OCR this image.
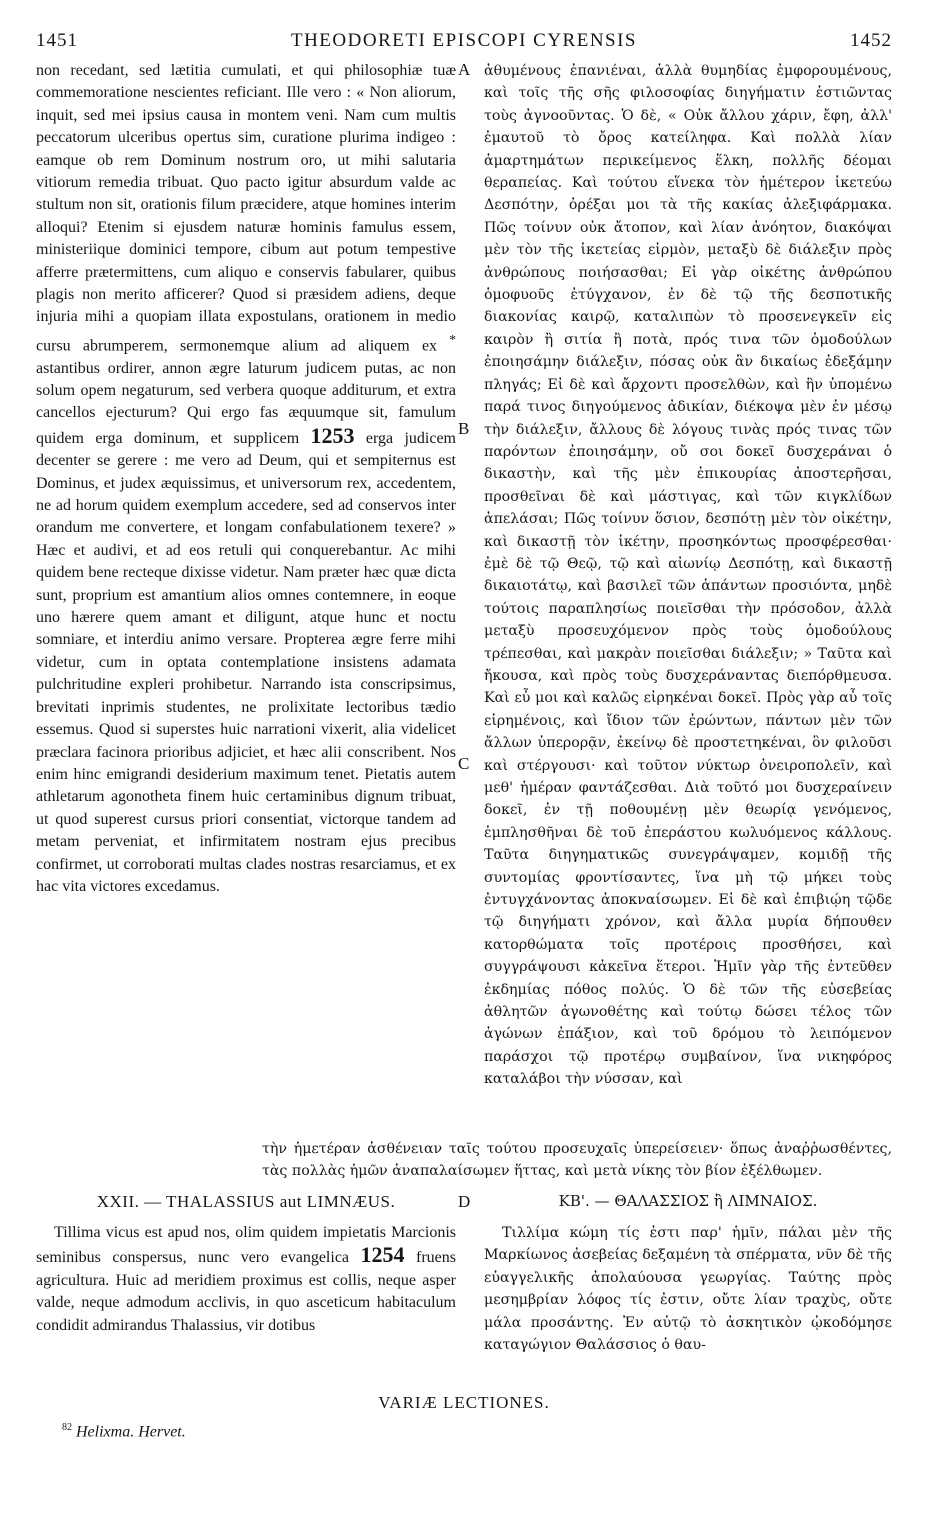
1451	THEODORETI EPISCOPI CYRENSIS	1452

non recedant, sed lætitia cumulati, et qui philosophiæ tuæ commemoratione nescientes reficiant. Ille vero : « Non aliorum, inquit, sed mei ipsius causa in montem veni. Nam cum multis peccatorum ulceribus opertus sim, curatione plurima indigeo : eamque ob rem Dominum nostrum oro, ut mihi salutaria vitiorum remedia tribuat. Quo pacto igitur absurdum valde ac stultum non sit, orationis filum præcidere, atque homines interim alloqui? Etenim si ejusdem naturæ hominis famulus essem, ministeriique dominici tempore, cibum aut potum tempestive afferre prætermittens, cum aliquo e conservis fabularer, quibus plagis non merito afficerer? Quod si præsidem adiens, deque injuria mihi a quopiam illata expostulans, orationem in medio cursu abrumperem, sermonemque alium ad aliquem ex * astantibus ordirer, annon ægre laturum judicem putas, ac non solum opem negaturum, sed verbera quoque additurum, et extra cancellos ejecturum? Qui ergo fas æquumque sit, famulum quidem erga dominum, et supplicem 1253 erga judicem decenter se gerere : me vero ad Deum, qui et sempiternus est Dominus, et judex æquissimus, et universorum rex, accedentem, ne ad horum quidem exemplum accedere, sed ad conservos inter orandum me convertere, et longam confabulationem texere? » Hæc et audivi, et ad eos retuli qui conquerebantur. Ac mihi quidem bene recteque dixisse videtur. Nam præter hæc quæ dicta sunt, proprium est amantium alios omnes contemnere, in eoque uno hærere quem amant et diligunt, atque hunc et noctu somniare, et interdiu animo versare. Propterea ægre ferre mihi videtur, cum in optata contemplatione insistens adamata pulchritudine expleri prohibetur. Narrando ista conscripsimus, brevitati inprimis studentes, ne prolixitate lectoribus tædio essemus. Quod si superstes huic narrationi vixerit, alia videlicet præclara facinora prioribus adjiciet, et hæc alii conscribent. Nos enim hinc emigrandi desiderium maximum tenet. Pietatis autem athletarum agonotheta finem huic certaminibus dignum tribuat, ut quod superest cursus priori consentiat, victorque tandem ad metam perveniat, et infirmitatem nostram ejus precibus confirmet, ut corroborati multas clades nostras resarciamus, et ex hac vita victores excedamus.

A
B
C
D

ἀθυμένους ἐπανιέναι, ἀλλὰ θυμηδίας ἐμφορουμένους, καὶ τοῖς τῆς σῆς φιλοσοφίας διηγήματιν ἑστιῶντας τοὺς ἀγνοοῦντας. Ὁ δὲ, « Οὐκ ἄλλου χάριν, ἔφη, ἀλλ' ἐμαυτοῦ τὸ ὄρος κατείληφα. Καὶ πολλὰ λίαν ἁμαρτημάτων περικείμενος ἕλκη, πολλῆς δέομαι θεραπείας. Καὶ τούτου εἵνεκα τὸν ἡμέτερον ἱκετεύω Δεσπότην, ὀρέξαι μοι τὰ τῆς κακίας ἀλεξιφάρμακα. Πῶς τοίνυν οὐκ ἄτοπον, καὶ λίαν ἀνόητον, διακόψαι μὲν τὸν τῆς ἱκετείας εἱρμὸν, μεταξὺ δὲ διάλεξιν πρὸς ἀνθρώπους ποιήσασθαι; Εἰ γὰρ οἰκέτης ἀνθρώπου ὁμοφυοῦς ἐτύγχανον, ἐν δὲ τῷ τῆς δεσποτικῆς διακονίας καιρῷ, καταλιπὼν τὸ προσενεγκεῖν εἰς καιρὸν ἢ σιτία ἢ ποτὰ, πρός τινα τῶν ὁμοδούλων ἐποιησάμην διάλεξιν, πόσας οὐκ ἂν δικαίως ἐδεξάμην πληγάς; Εἰ δὲ καὶ ἄρχοντι προσελθὼν, καὶ ἣν ὑπομένω παρά τινος διηγούμενος ἀδικίαν, διέκοψα μὲν ἐν μέσῳ τὴν διάλεξιν, ἄλλους δὲ λόγους τινὰς πρός τινας τῶν παρόντων ἐποιησάμην, οὔ σοι δοκεῖ δυσχεράναι ὁ δικαστὴν, καὶ τῆς μὲν ἐπικουρίας ἀποστερῆσαι, προσθεῖναι δὲ καὶ μάστιγας, καὶ τῶν κιγκλίδων ἀπελάσαι; Πῶς τοίνυν ὅσιον, δεσπότῃ μὲν τὸν οἰκέτην, καὶ δικαστῇ τὸν ἱκέτην, προσηκόντως προσφέρεσθαι· ἐμὲ δὲ τῷ Θεῷ, τῷ καὶ αἰωνίῳ Δεσπότῃ, καὶ δικαστῇ δικαιοτάτῳ, καὶ βασιλεῖ τῶν ἁπάντων προσιόντα, μηδὲ τούτοις παραπλησίως ποιεῖσθαι τὴν πρόσοδον, ἀλλὰ μεταξὺ προσευχόμενον πρὸς τοὺς ὁμοδούλους τρέπεσθαι, καὶ μακρὰν ποιεῖσθαι διάλεξιν; » Ταῦτα καὶ ἤκουσα, καὶ πρὸς τοὺς δυσχεράναντας διεπόρθμευσα. Καὶ εὖ μοι καὶ καλῶς εἰρηκέναι δοκεῖ. Πρὸς γὰρ αὖ τοῖς εἰρημένοις, καὶ ἴδιον τῶν ἐρώντων, πάντων μὲν τῶν ἄλλων ὑπερορᾷν, ἐκείνῳ δὲ προστετηκέναι, ὃν φιλοῦσι καὶ στέργουσι· καὶ τοῦτον νύκτωρ ὀνειροπολεῖν, καὶ μεθ' ἡμέραν φαντάζεσθαι. Διὰ τοῦτό μοι δυσχεραίνειν δοκεῖ, ἐν τῇ ποθουμένῃ μὲν θεωρίᾳ γενόμενος, ἐμπλησθῆναι δὲ τοῦ ἐπεράστου κωλυόμενος κάλλους. Ταῦτα διηγηματικῶς συνεγράψαμεν, κομιδῇ τῆς συντομίας φροντίσαντες, ἵνα μὴ τῷ μήκει τοὺς ἐντυγχάνοντας ἀποκναίσωμεν. Εἰ δὲ καὶ ἐπιβιῴη τῷδε τῷ διηγήματι χρόνον, καὶ ἄλλα μυρία δήπουθεν κατορθώματα τοῖς προτέροις προσθήσει, καὶ συγγράψουσι κἀκεῖνα ἕτεροι. Ἡμῖν γὰρ τῆς ἐντεῦθεν ἐκδημίας πόθος πολύς. Ὁ δὲ τῶν τῆς εὐσεβείας ἀθλητῶν ἀγωνοθέτης καὶ τούτῳ δώσει τέλος τῶν ἀγώνων ἐπάξιον, καὶ τοῦ δρόμου τὸ λειπόμενον παράσχοι τῷ προτέρῳ συμβαίνον, ἵνα νικηφόρος καταλάβοι τὴν νύσσαν, καὶ

τὴν ἡμετέραν ἀσθένειαν ταῖς τούτου προσευχαῖς ὑπερείσειεν· ὅπως ἀναῤῥωσθέντες, τὰς πολλὰς ἡμῶν ἀναπαλαίσωμεν ἥττας, καὶ μετὰ νίκης τὸν βίον ἐξέλθωμεν.
XXII. — THALASSIUS aut LIMNÆUS.	ΚΒ'. — ΘΑΛΑΣΣΙΟΣ ἢ ΛΙΜΝΑΙΟΣ.

Tillima vicus est apud nos, olim quidem impietatis Marcionis seminibus conspersus, nunc vero evangelica 1254 fruens agricultura. Huic ad meridiem proximus est collis, neque asper valde, neque admodum acclivis, in quo asceticum habitaculum condidit admirandus Thalassius, vir dotibus

Τιλλίμα κώμη τίς ἐστι παρ' ἡμῖν, πάλαι μὲν τῆς Μαρκίωνος ἀσεβείας δεξαμένη τὰ σπέρματα, νῦν δὲ τῆς εὐαγγελικῆς ἀπολαύουσα γεωργίας. Ταύτης πρὸς μεσημβρίαν λόφος τίς ἐστιν, οὔτε λίαν τραχὺς, οὔτε μάλα προσάντης. Ἐν αὐτῷ τὸ ἀσκητικὸν ᾠκοδόμησε καταγώγιον Θαλάσσιος ὁ θαυ-

VARIÆ LECTIONES.
$^{82}$ Helixma. Hervet.
